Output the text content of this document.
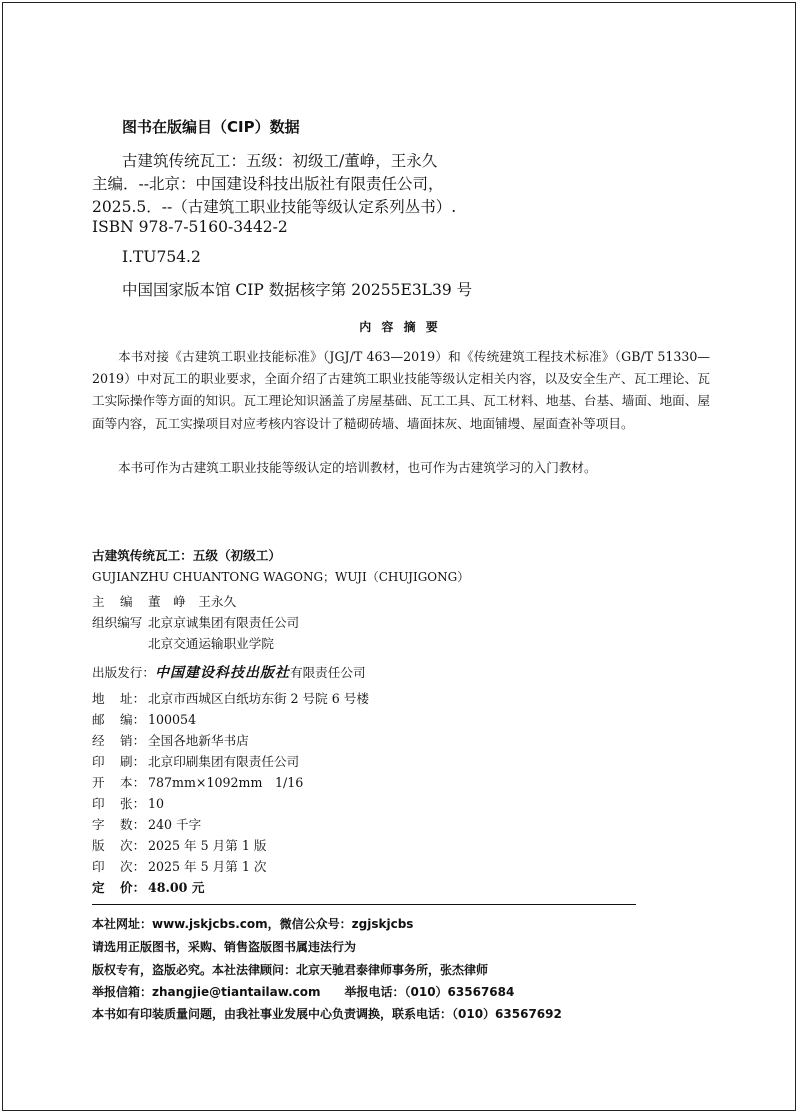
图书在版编目（CIP）数据
古建筑传统瓦工：五级：初级工/董峥，王永久
主编．--北京：中国建设科技出版社有限责任公司，
2025.5．--（古建筑工职业技能等级认定系列丛书）.
ISBN 978-7-5160-3442-2
Ⅰ.TU754.2
中国国家版本馆 CIP 数据核字第 20255E3L39 号
内 容 摘 要
本书对接《古建筑工职业技能标准》（JGJ/T 463—2019）和《传统建筑工程技术标准》（GB/T 51330—2019）中对瓦工的职业要求，全面介绍了古建筑工职业技能等级认定相关内容，以及安全生产、瓦工理论、瓦工实际操作等方面的知识。瓦工理论知识涵盖了房屋基础、瓦工工具、瓦工材料、地基、台基、墙面、地面、屋面等内容，瓦工实操项目对应考核内容设计了糙砌砖墙、墙面抹灰、地面铺墁、屋面查补等项目。
本书可作为古建筑工职业技能等级认定的培训教材，也可作为古建筑学习的入门教材。
古建筑传统瓦工：五级（初级工）
GUJIANZHU CHUANTONG WAGONG；WUJI（CHUJIGONG）
主 编 董　峥　王永久
组织编写 北京京诚集团有限责任公司
北京交通运输职业学院
出版发行：中国建设科技出版社有限责任公司
地 址： 北京市西城区白纸坊东街 2 号院 6 号楼
邮 编： 100054
经 销： 全国各地新华书店
印 刷： 北京印刷集团有限责任公司
开 本： 787mm×1092mm　1/16
印 张： 10
字 数： 240 千字
版 次： 2025 年 5 月第 1 版
印 次： 2025 年 5 月第 1 次
定 价： 48.00 元
本社网址：www.jskjcbs.com，微信公众号：zgjskjcbs
请选用正版图书，采购、销售盗版图书属违法行为
版权专有，盗版必究。本社法律顾问：北京天驰君泰律师事务所，张杰律师
举报信箱：zhangjie@tiantailaw.com　　举报电话：（010）63567684
本书如有印装质量问题，由我社事业发展中心负责调换，联系电话：（010）63567692
